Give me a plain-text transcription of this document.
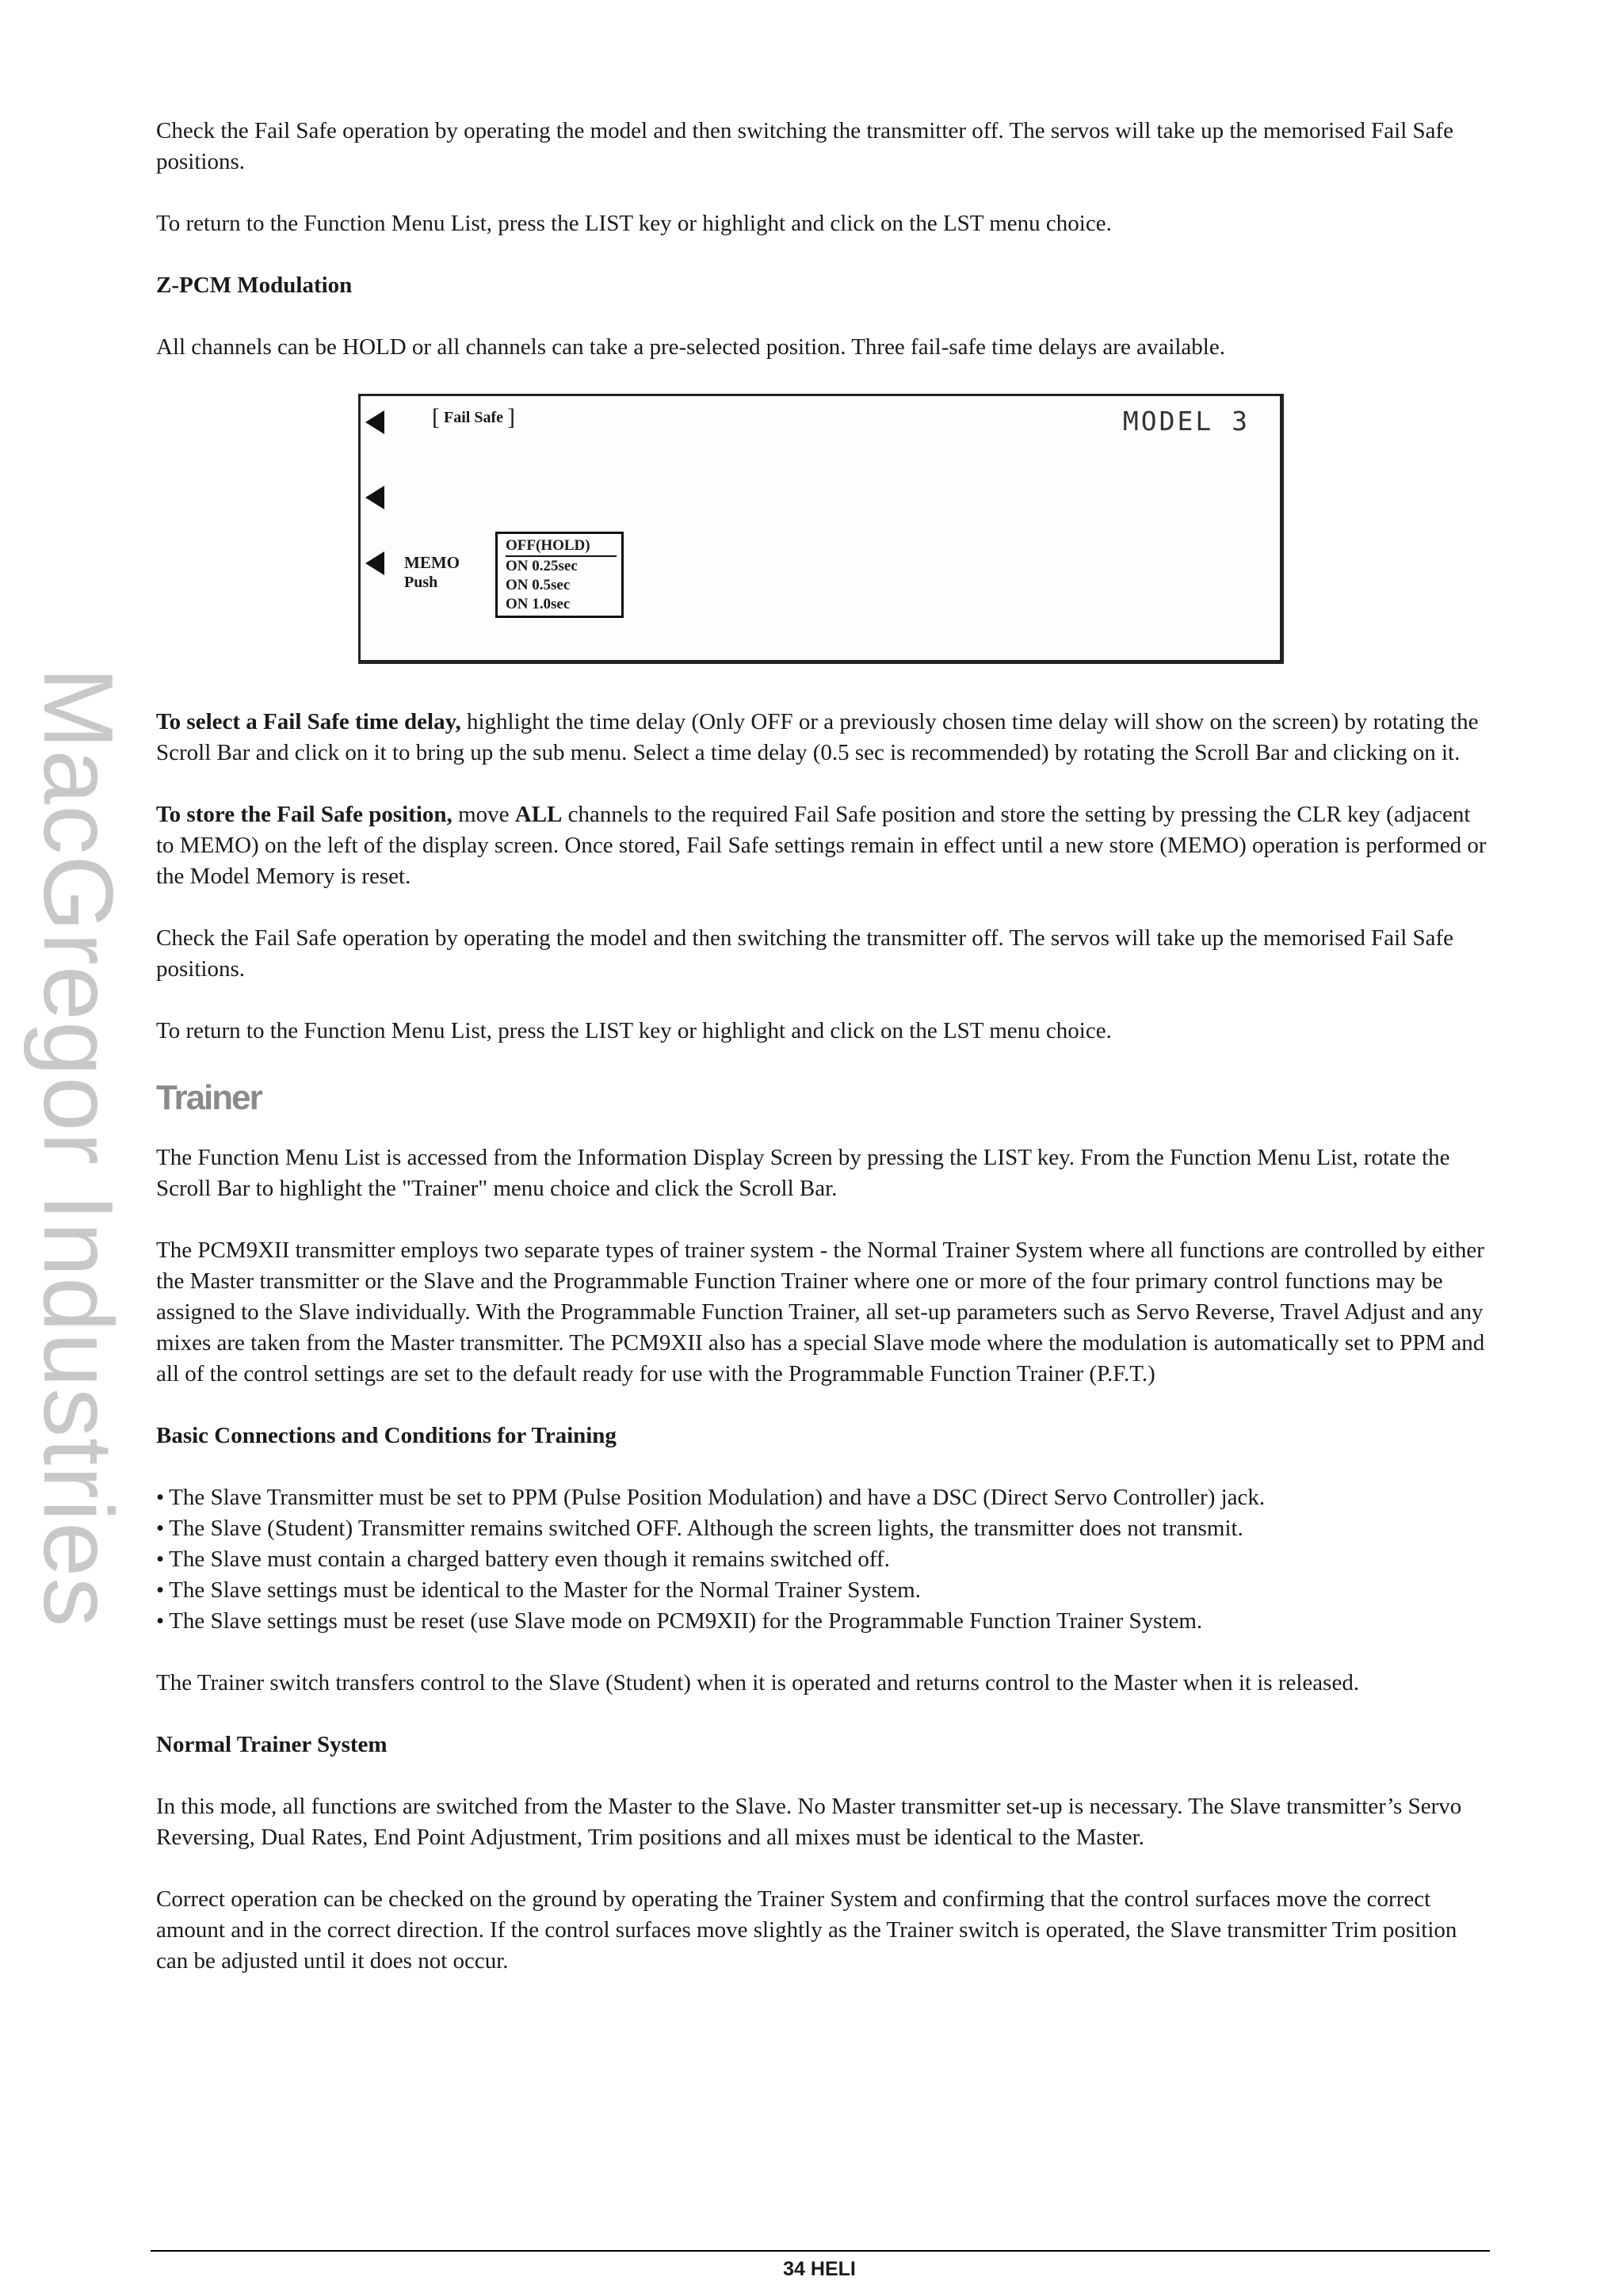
MacGregor Industries

Check the Fail Safe operation by operating the model and then switching the transmitter off. The servos will take up the memorised Fail Safe positions.

To return to the Function Menu List, press the LIST key or highlight and click on the LST menu choice.

Z-PCM Modulation

All channels can be HOLD or all channels can take a pre-selected position. Three fail-safe time delays are available.

[ Fail Safe ]	MODEL 3
MEMO
Push
OFF(HOLD)
ON 0.25sec
ON 0.5sec
ON 1.0sec

To select a Fail Safe time delay, highlight the time delay (Only OFF or a previously chosen time delay will show on the screen) by rotating the Scroll Bar and click on it to bring up the sub menu. Select a time delay (0.5 sec is recommended) by rotating the Scroll Bar and clicking on it.

To store the Fail Safe position, move ALL channels to the required Fail Safe position and store the setting by pressing the CLR key (adjacent to MEMO) on the left of the display screen. Once stored, Fail Safe settings remain in effect until a new store (MEMO) operation is performed or the Model Memory is reset.

Check the Fail Safe operation by operating the model and then switching the transmitter off. The servos will take up the memorised Fail Safe positions.

To return to the Function Menu List, press the LIST key or highlight and click on the LST menu choice.

Trainer

The Function Menu List is accessed from the Information Display Screen by pressing the LIST key. From the Function Menu List, rotate the Scroll Bar to highlight the "Trainer" menu choice and click the Scroll Bar.

The PCM9XII transmitter employs two separate types of trainer system - the Normal Trainer System where all functions are controlled by either the Master transmitter or the Slave and the Programmable Function Trainer where one or more of the four primary control functions may be assigned to the Slave individually. With the Programmable Function Trainer, all set-up parameters such as Servo Reverse, Travel Adjust and any mixes are taken from the Master transmitter. The PCM9XII also has a special Slave mode where the modulation is automatically set to PPM and all of the control settings are set to the default ready for use with the Programmable Function Trainer (P.F.T.)

Basic Connections and Conditions for Training
• The Slave Transmitter must be set to PPM (Pulse Position Modulation) and have a DSC (Direct Servo Controller) jack.
• The Slave (Student) Transmitter remains switched OFF. Although the screen lights, the transmitter does not transmit.
• The Slave must contain a charged battery even though it remains switched off.
• The Slave settings must be identical to the Master for the Normal Trainer System.
• The Slave settings must be reset (use Slave mode on PCM9XII) for the Programmable Function Trainer System.

The Trainer switch transfers control to the Slave (Student) when it is operated and returns control to the Master when it is released.

Normal Trainer System

In this mode, all functions are switched from the Master to the Slave. No Master transmitter set-up is necessary. The Slave transmitter’s Servo Reversing, Dual Rates, End Point Adjustment, Trim positions and all mixes must be identical to the Master.

Correct operation can be checked on the ground by operating the Trainer System and confirming that the control surfaces move the correct amount and in the correct direction. If the control surfaces move slightly as the Trainer switch is operated, the Slave transmitter Trim position can be adjusted until it does not occur.

34 HELI
